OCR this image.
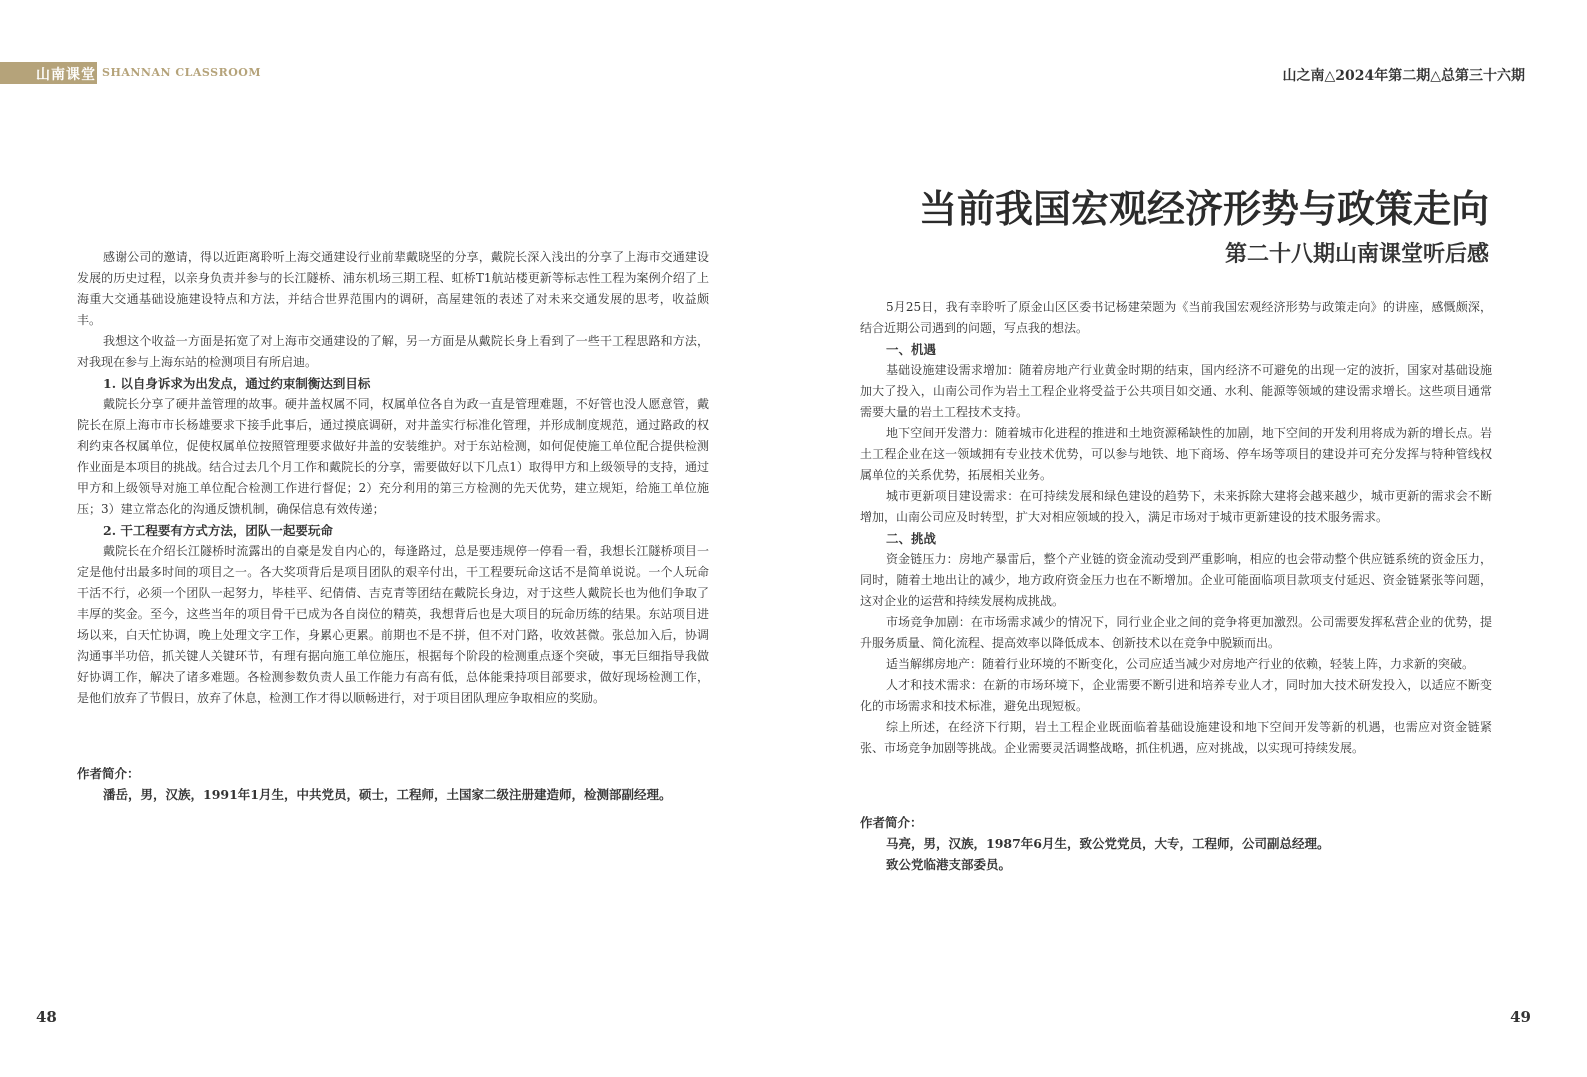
山南课堂 SHANNAN CLASSROOM

感谢公司的邀请，得以近距离聆听上海交通建设行业前辈戴晓坚的分享，戴院长深入浅出的分享了上海市交通建设发展的历史过程，以亲身负责并参与的长江隧桥、浦东机场三期工程、虹桥T1航站楼更新等标志性工程为案例介绍了上海重大交通基础设施建设特点和方法，并结合世界范围内的调研，高屋建瓴的表述了对未来交通发展的思考，收益颇丰。

我想这个收益一方面是拓宽了对上海市交通建设的了解，另一方面是从戴院长身上看到了一些干工程思路和方法，对我现在参与上海东站的检测项目有所启迪。

1. 以自身诉求为出发点，通过约束制衡达到目标

戴院长分享了硬井盖管理的故事。硬井盖权属不同，权属单位各自为政一直是管理难题，不好管也没人愿意管，戴院长在原上海市市长杨雄要求下接手此事后，通过摸底调研，对井盖实行标准化管理，并形成制度规范，通过路政的权利约束各权属单位，促使权属单位按照管理要求做好井盖的安装维护。对于东站检测，如何促使施工单位配合提供检测作业面是本项目的挑战。结合过去几个月工作和戴院长的分享，需要做好以下几点1）取得甲方和上级领导的支持，通过甲方和上级领导对施工单位配合检测工作进行督促；2）充分利用的第三方检测的先天优势，建立规矩，给施工单位施压；3）建立常态化的沟通反馈机制，确保信息有效传递；

2. 干工程要有方式方法，团队一起要玩命

戴院长在介绍长江隧桥时流露出的自豪是发自内心的，每逢路过，总是要违规停一停看一看，我想长江隧桥项目一定是他付出最多时间的项目之一。各大奖项背后是项目团队的艰辛付出，干工程要玩命这话不是简单说说。一个人玩命干活不行，必须一个团队一起努力，毕桂平、纪倩倩、吉克青等团结在戴院长身边，对于这些人戴院长也为他们争取了丰厚的奖金。至今，这些当年的项目骨干已成为各自岗位的精英，我想背后也是大项目的玩命历练的结果。东站项目进场以来，白天忙协调，晚上处理文字工作，身累心更累。前期也不是不拼，但不对门路，收效甚微。张总加入后，协调沟通事半功倍，抓关键人关键环节，有理有据向施工单位施压，根据每个阶段的检测重点逐个突破，事无巨细指导我做好协调工作，解决了诸多难题。各检测参数负责人虽工作能力有高有低，总体能秉持项目部要求，做好现场检测工作，是他们放弃了节假日，放弃了休息，检测工作才得以顺畅进行，对于项目团队理应争取相应的奖励。

作者简介：
潘岳，男，汉族，1991年1月生，中共党员，硕士，工程师，土国家二级注册建造师，检测部副经理。
48
山之南△2024年第二期△总第三十六期
当前我国宏观经济形势与政策走向
第二十八期山南课堂听后感

5月25日，我有幸聆听了原金山区区委书记杨建荣题为《当前我国宏观经济形势与政策走向》的讲座，感慨颇深，结合近期公司遇到的问题，写点我的想法。

一、机遇

基础设施建设需求增加：随着房地产行业黄金时期的结束，国内经济不可避免的出现一定的波折，国家对基础设施加大了投入，山南公司作为岩土工程企业将受益于公共项目如交通、水利、能源等领域的建设需求增长。这些项目通常需要大量的岩土工程技术支持。

地下空间开发潜力：随着城市化进程的推进和土地资源稀缺性的加剧，地下空间的开发利用将成为新的增长点。岩土工程企业在这一领域拥有专业技术优势，可以参与地铁、地下商场、停车场等项目的建设并可充分发挥与特种管线权属单位的关系优势，拓展相关业务。

城市更新项目建设需求：在可持续发展和绿色建设的趋势下，未来拆除大建将会越来越少，城市更新的需求会不断增加，山南公司应及时转型，扩大对相应领域的投入，满足市场对于城市更新建设的技术服务需求。

二、挑战

资金链压力：房地产暴雷后，整个产业链的资金流动受到严重影响，相应的也会带动整个供应链系统的资金压力，同时，随着土地出让的减少，地方政府资金压力也在不断增加。企业可能面临项目款项支付延迟、资金链紧张等问题，这对企业的运营和持续发展构成挑战。

市场竞争加剧：在市场需求减少的情况下，同行业企业之间的竞争将更加激烈。公司需要发挥私营企业的优势，提升服务质量、简化流程、提高效率以降低成本、创新技术以在竞争中脱颖而出。

适当解绑房地产：随着行业环境的不断变化，公司应适当减少对房地产行业的依赖，轻装上阵，力求新的突破。

人才和技术需求：在新的市场环境下，企业需要不断引进和培养专业人才，同时加大技术研发投入，以适应不断变化的市场需求和技术标准，避免出现短板。

综上所述，在经济下行期，岩土工程企业既面临着基础设施建设和地下空间开发等新的机遇，也需应对资金链紧张、市场竞争加剧等挑战。企业需要灵活调整战略，抓住机遇，应对挑战，以实现可持续发展。

作者简介：
马亮，男，汉族，1987年6月生，致公党党员，大专，工程师，公司副总经理。
致公党临港支部委员。
49
